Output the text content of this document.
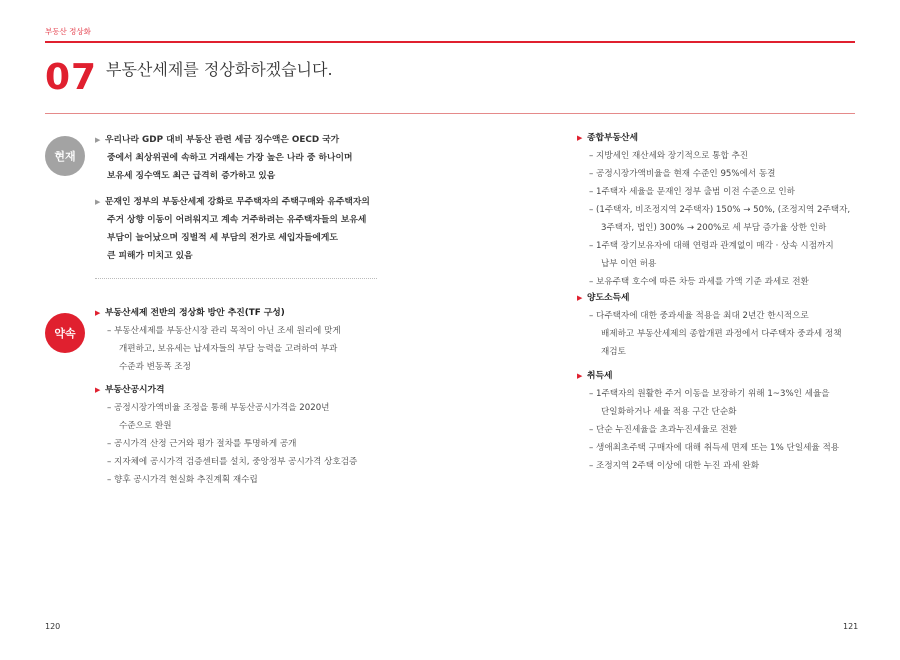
부동산 정상화
07 부동산세제를 정상화하겠습니다.
현재
▶ 우리나라 GDP 대비 부동산 관련 세금 징수액은 OECD 국가
중에서 최상위권에 속하고 거래세는 가장 높은 나라 중 하나이며
보유세 징수액도 최근 급격히 증가하고 있음
▶ 문재인 정부의 부동산세제 강화로 무주택자의 주택구매와 유주택자의
주거 상향 이동이 어려워지고 계속 거주하려는 유주택자들의 보유세
부담이 늘어났으며 징벌적 세 부담의 전가로 세입자들에게도
큰 피해가 미치고 있음
약속
▶ 부동산세제 전반의 정상화 방안 추진(TF 구성)
– 부동산세제를 부동산시장 관리 목적이 아닌 조세 원리에 맞게
개편하고, 보유세는 납세자들의 부담 능력을 고려하여 부과
수준과 변동폭 조정
▶ 부동산공시가격
– 공정시장가액비율 조정을 통해 부동산공시가격을 2020년
수준으로 환원
– 공시가격 산정 근거와 평가 절차를 투명하게 공개
– 지자체에 공시가격 검증센터를 설치, 중앙정부 공시가격 상호검증
– 향후 공시가격 현실화 추진계획 재수립
▶ 종합부동산세
– 지방세인 재산세와 장기적으로 통합 추진
– 공정시장가액비율을 현재 수준인 95%에서 동결
– 1주택자 세율을 문재인 정부 출범 이전 수준으로 인하
– (1주택자, 비조정지역 2주택자) 150% → 50%, (조정지역 2주택자,
3주택자, 법인) 300% → 200%로 세 부담 증가율 상한 인하
– 1주택 장기보유자에 대해 연령과 관계없이 매각 · 상속 시점까지
납부 이연 허용
– 보유주택 호수에 따른 차등 과세를 가액 기준 과세로 전환
▶ 양도소득세
– 다주택자에 대한 중과세율 적용을 최대 2년간 한시적으로
배제하고 부동산세제의 종합개편 과정에서 다주택자 중과세 정책
재검토
▶ 취득세
– 1주택자의 원활한 주거 이동을 보장하기 위해 1~3%인 세율을
단일화하거나 세율 적용 구간 단순화
– 단순 누진세율을 초과누진세율로 전환
– 생애최초주택 구매자에 대해 취득세 면제 또는 1% 단일세율 적용
– 조정지역 2주택 이상에 대한 누진 과세 완화
120	121
